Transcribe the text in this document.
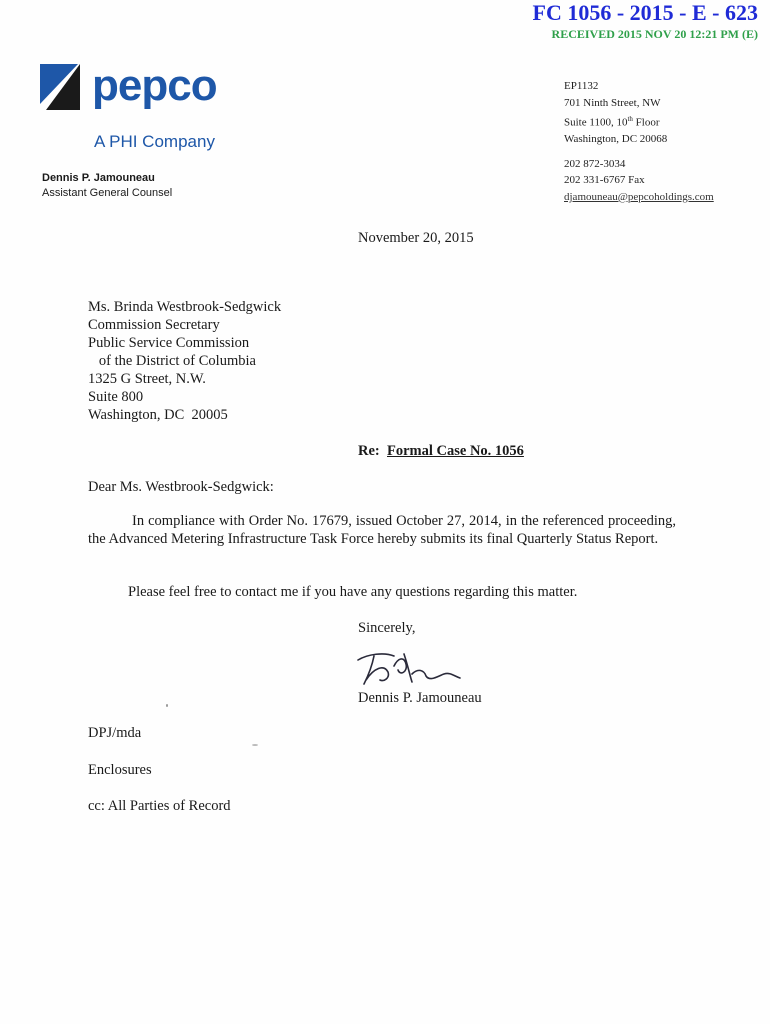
FC 1056 - 2015 - E - 623
RECEIVED 2015 NOV 20 12:21 PM (E)
pepco
A PHI Company
Dennis P. Jamouneau
Assistant General Counsel
EP1132
701 Ninth Street, NW
Suite 1100, 10th Floor
Washington, DC 20068
202 872-3034
202 331-6767 Fax
djamouneau@pepcoholdings.com
November 20, 2015
Ms. Brinda Westbrook-Sedgwick
Commission Secretary
Public Service Commission
of the District of Columbia
1325 G Street, N.W.
Suite 800
Washington, DC  20005
Re: Formal Case No. 1056
Dear Ms. Westbrook-Sedgwick:
In compliance with Order No. 17679, issued October 27, 2014, in the referenced proceeding, the Advanced Metering Infrastructure Task Force hereby submits its final Quarterly Status Report.
Please feel free to contact me if you have any questions regarding this matter.
Sincerely,
Dennis P. Jamouneau
DPJ/mda
Enclosures
cc: All Parties of Record
